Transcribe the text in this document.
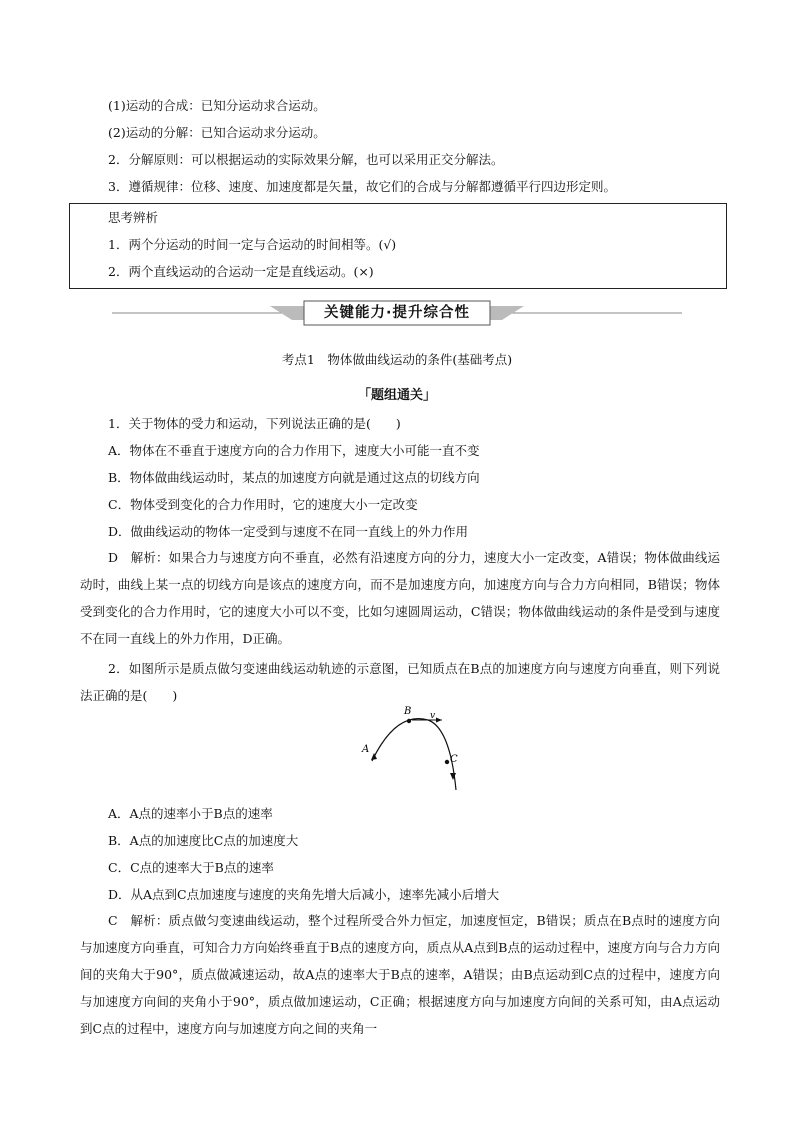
(1)运动的合成：已知分运动求合运动。
(2)运动的分解：已知合运动求分运动。
2．分解原则：可以根据运动的实际效果分解，也可以采用正交分解法。
3．遵循规律：位移、速度、加速度都是矢量，故它们的合成与分解都遵循平行四边形定则。
思考辨析
1．两个分运动的时间一定与合运动的时间相等。(√)
2．两个直线运动的合运动一定是直线运动。(×)
关键能力·提升综合性
考点1　物体做曲线运动的条件(基础考点)
「题组通关」
1．关于物体的受力和运动，下列说法正确的是(　　)
A．物体在不垂直于速度方向的合力作用下，速度大小可能一直不变
B．物体做曲线运动时，某点的加速度方向就是通过这点的切线方向
C．物体受到变化的合力作用时，它的速度大小一定改变
D．做曲线运动的物体一定受到与速度不在同一直线上的外力作用
D　解析：如果合力与速度方向不垂直，必然有沿速度方向的分力，速度大小一定改变，A错误；物体做曲线运动时，曲线上某一点的切线方向是该点的速度方向，而不是加速度方向，加速度方向与合力方向相同，B错误；物体受到变化的合力作用时，它的速度大小可以不变，比如匀速圆周运动，C错误；物体做曲线运动的条件是受到与速度不在同一直线上的外力作用，D正确。
2．如图所示是质点做匀变速曲线运动轨迹的示意图，已知质点在B点的加速度方向与速度方向垂直，则下列说法正确的是(　　)
A
B
C
v
A．A点的速率小于B点的速率
B．A点的加速度比C点的加速度大
C．C点的速率大于B点的速率
D．从A点到C点加速度与速度的夹角先增大后减小，速率先减小后增大
C　解析：质点做匀变速曲线运动，整个过程所受合外力恒定，加速度恒定，B错误；质点在B点时的速度方向与加速度方向垂直，可知合力方向始终垂直于B点的速度方向，质点从A点到B点的运动过程中，速度方向与合力方向间的夹角大于90°，质点做减速运动，故A点的速率大于B点的速率，A错误；由B点运动到C点的过程中，速度方向与加速度方向间的夹角小于90°，质点做加速运动，C正确；根据速度方向与加速度方向间的关系可知，由A点运动到C点的过程中，速度方向与加速度方向之间的夹角一
